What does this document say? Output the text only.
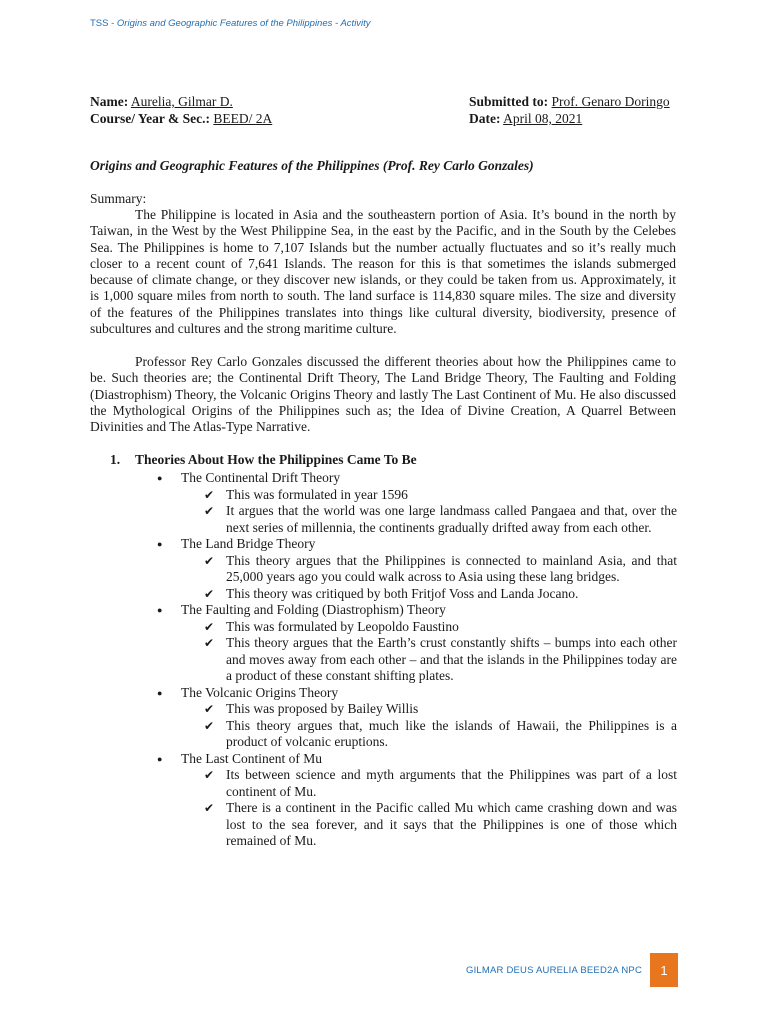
TSS - Origins and Geographic Features of the Philippines - Activity
Name: Aurelia, Gilmar D.
Course/ Year & Sec.: BEED/ 2A
Submitted to: Prof. Genaro Doringo
Date: April 08, 2021
Origins and Geographic Features of the Philippines (Prof. Rey Carlo Gonzales)
Summary:

The Philippine is located in Asia and the southeastern portion of Asia. It’s bound in the north by Taiwan, in the West by the West Philippine Sea, in the east by the Pacific, and in the South by the Celebes Sea. The Philippines is home to 7,107 Islands but the number actually fluctuates and so it’s really much closer to a recent count of 7,641 Islands. The reason for this is that sometimes the islands submerged because of climate change, or they discover new islands, or they could be taken from us. Approximately, it is 1,000 square miles from north to south. The land surface is 114,830 square miles. The size and diversity of the features of the Philippines translates into things like cultural diversity, biodiversity, presence of subcultures and cultures and the strong maritime culture.

Professor Rey Carlo Gonzales discussed the different theories about how the Philippines came to be. Such theories are; the Continental Drift Theory, The Land Bridge Theory, The Faulting and Folding (Diastrophism) Theory, the Volcanic Origins Theory and lastly The Last Continent of Mu. He also discussed the Mythological Origins of the Philippines such as; the Idea of Divine Creation, A Quarrel Between Divinities and The Atlas-Type Narrative.

1. Theories About How the Philippines Came To Be
● The Continental Drift Theory
✔ This was formulated in year 1596
✔ It argues that the world was one large landmass called Pangaea and that, over the next series of millennia, the continents gradually drifted away from each other.
● The Land Bridge Theory
✔ This theory argues that the Philippines is connected to mainland Asia, and that 25,000 years ago you could walk across to Asia using these lang bridges.
✔ This theory was critiqued by both Fritjof Voss and Landa Jocano.
● The Faulting and Folding (Diastrophism) Theory
✔ This was formulated by Leopoldo Faustino
✔ This theory argues that the Earth’s crust constantly shifts – bumps into each other and moves away from each other – and that the islands in the Philippines today are a product of these constant shifting plates.
● The Volcanic Origins Theory
✔ This was proposed by Bailey Willis
✔ This theory argues that, much like the islands of Hawaii, the Philippines is a product of volcanic eruptions.
● The Last Continent of Mu
✔ Its between science and myth arguments that the Philippines was part of a lost continent of Mu.
✔ There is a continent in the Pacific called Mu which came crashing down and was lost to the sea forever, and it says that the Philippines is one of those which remained of Mu.
GILMAR DEUS AURELIA BEED2A NPC	1
